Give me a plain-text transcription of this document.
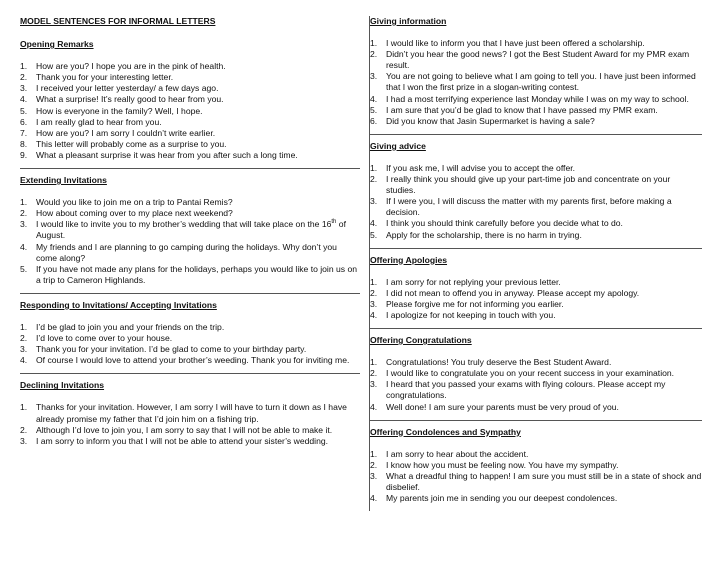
MODEL SENTENCES FOR INFORMAL LETTERS
Opening Remarks
1. How are you? I hope you are in the pink of health.
2. Thank you for your interesting letter.
3. I received your letter yesterday/ a few days ago.
4. What a surprise! It’s really good to hear from you.
5. How is everyone in the family? Well, I hope.
6. I am really glad to hear from you.
7. How are you? I am sorry I couldn’t write earlier.
8. This letter will probably come as a surprise to you.
9. What a pleasant surprise it was hear from you after such a long time.
Extending Invitations
1. Would you like to join me on a trip to Pantai Remis?
2. How about coming over to my place next weekend?
3. I would like to invite you to my brother’s wedding that will take place on the 16th of August.
4. My friends and I are planning to go camping during the holidays. Why don’t you come along?
5. If you have not made any plans for the holidays, perhaps you would like to join us on a trip to Cameron Highlands.
Responding to Invitations/ Accepting Invitations
1. I’d be glad to join you and your friends on the trip.
2. I’d love to come over to your house.
3. Thank you for your invitation. I’d be glad to come to your birthday party.
4. Of course I would love to attend your brother’s weeding. Thank you for inviting me.
Declining Invitations
1. Thanks for your invitation. However, I am sorry I will have to turn it down as I have already promise my father that I’d join him on a fishing trip.
2. Although I’d love to join you, I am sorry to say that I will not be able to make it.
3. I am sorry to inform you that I will not be able to attend your sister’s wedding.
Giving information
1. I would like to inform you that I have just been offered a scholarship.
2. Didn’t you hear the good news? I got the Best Student Award for my PMR exam result.
3. You are not going to believe what I am going to tell you. I have just been informed that I won the first prize in a slogan-writing contest.
4. I had a most terrifying experience last Monday while I was on my way to school.
5. I am sure that you’d be glad to know that I have passed my PMR exam.
6. Did you know that Jasin Supermarket is having a sale?
Giving advice
1. If you ask me, I will advise you to accept the offer.
2. I really think you should give up your part-time job and concentrate on your studies.
3. If I were you, I will discuss the matter with my parents first, before making a decision.
4. I think you should think carefully before you decide what to do.
5. Apply for the scholarship, there is no harm in trying.
Offering Apologies
1. I am sorry for not replying your previous letter.
2. I did not mean to offend you in anyway. Please accept my apology.
3. Please forgive me for not informing you earlier.
4. I apologize for not keeping in touch with you.
Offering Congratulations
1. Congratulations! You truly deserve the Best Student Award.
2. I would like to congratulate you on your recent success in your examination.
3. I heard that you passed your exams with flying colours. Please accept my congratulations.
4. Well done! I am sure your parents must be very proud of you.
Offering Condolences and Sympathy
1. I am sorry to hear about the accident.
2. I know how you must be feeling now. You have my sympathy.
3. What a dreadful thing to happen! I am sure you must still be in a state of shock and disbelief.
4. My parents join me in sending you our deepest condolences.
